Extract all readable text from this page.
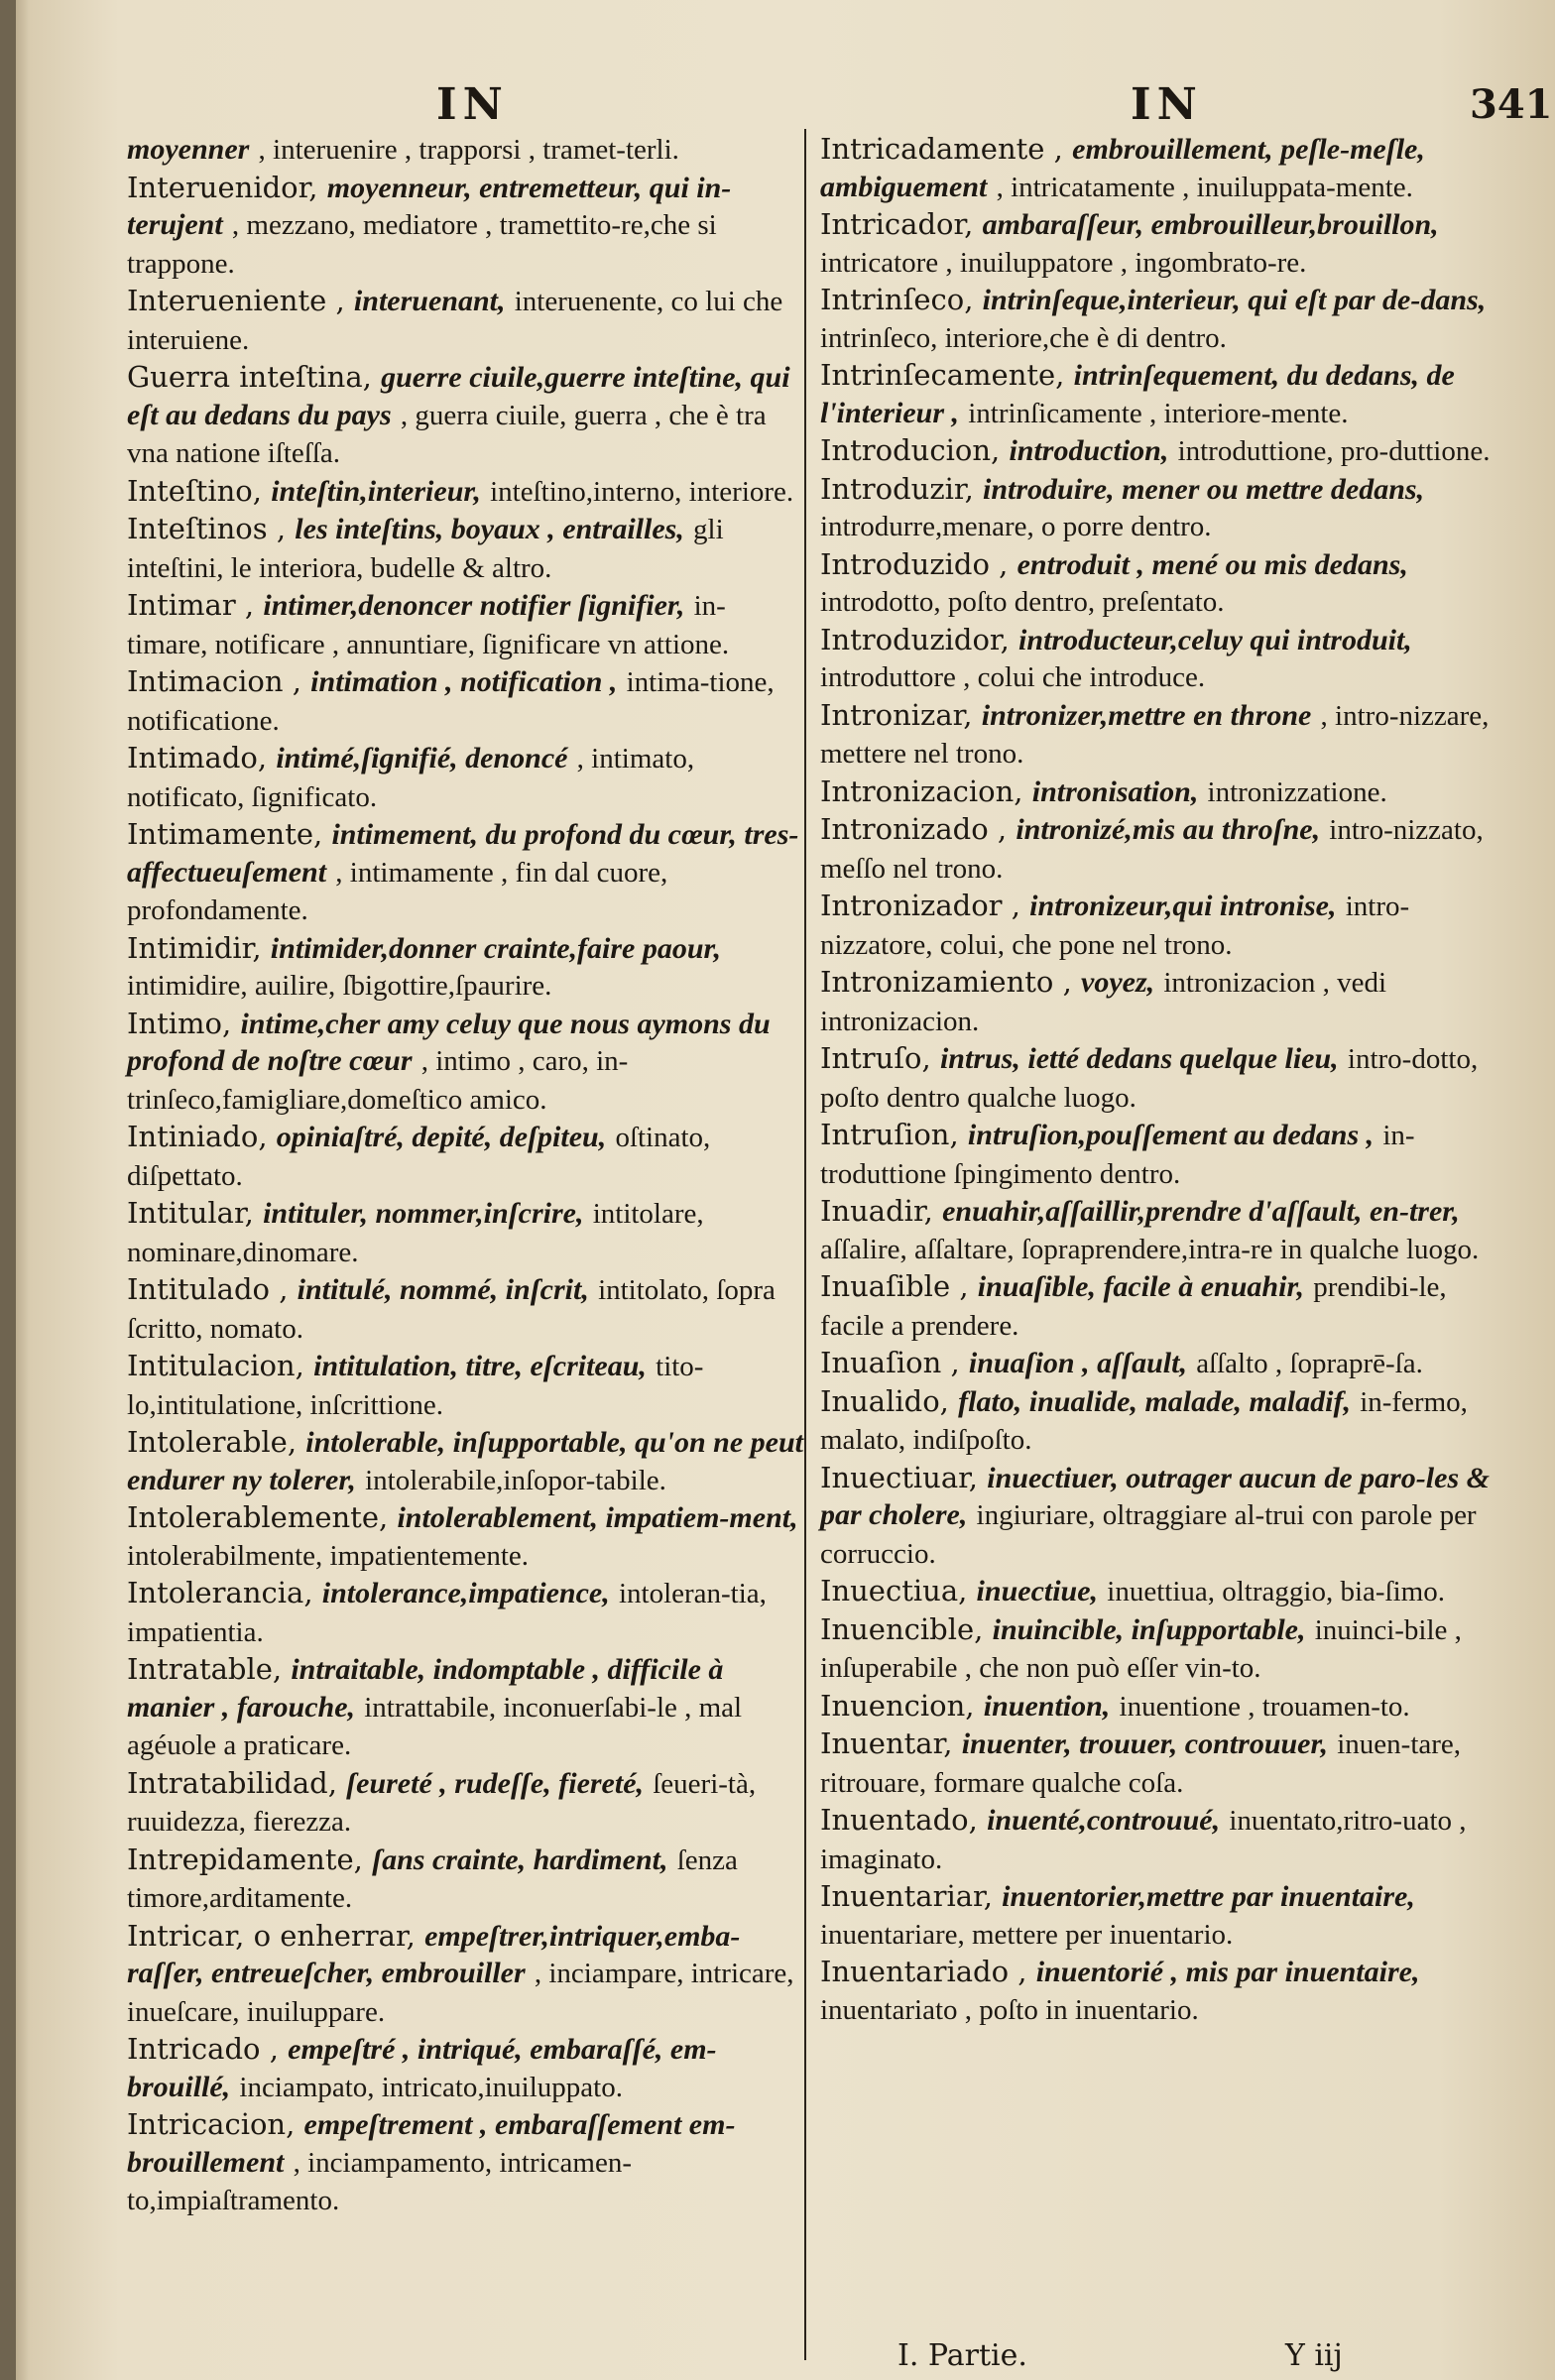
IN	IN	341

moyenner , interuenire , trapporsi , tramet-terli.

Interuenidor, moyenneur, entremetteur, qui in-terujent , mezzano, mediatore , tramettito-re,che si trappone.

Interueniente , interuenant, interuenente, co lui che interuiene.

Guerra inteſtina, guerre ciuile,guerre inteſtine, qui eſt au dedans du pays , guerra ciuile, guerra , che è tra vna natione iſteſſa.

Inteſtino, inteſtin,interieur, inteſtino,interno, interiore.

Inteſtinos , les inteſtins, boyaux , entrailles, gli inteſtini, le interiora, budelle & altro.

Intimar , intimer,denoncer notifier ſignifier, in-timare, notificare , annuntiare, ſignificare vn attione.

Intimacion , intimation , notification , intima-tione, notificatione.

Intimado, intimé,ſignifié, denoncé , intimato, notificato, ſignificato.

Intimamente, intimement, du profond du cœur, tres-affectueuſement , intimamente , fin dal cuore, profondamente.

Intimidir, intimider,donner crainte,faire paour, intimidire, auilire, ſbigottire,ſpaurire.

Intimo, intime,cher amy celuy que nous aymons du profond de noſtre cœur , intimo , caro, in-trinſeco,famigliare,domeſtico amico.

Intiniado, opiniaſtré, depité, deſpiteu, oſtinato, diſpettato.

Intitular, intituler, nommer,inſcrire, intitolare, nominare,dinomare.

Intitulado , intitulé, nommé, inſcrit, intitolato, ſopra ſcritto, nomato.

Intitulacion, intitulation, titre, eſcriteau, tito-lo,intitulatione, inſcrittione.

Intolerable, intolerable, inſupportable, qu'on ne peut endurer ny tolerer, intolerabile,inſopor-tabile.

Intolerablemente, intolerablement, impatiem-ment, intolerabilmente, impatientemente.

Intolerancia, intolerance,impatience, intoleran-tia, impatientia.

Intratable, intraitable, indomptable , difficile à manier , farouche, intrattabile, inconuerſabi-le , mal agéuole a praticare.

Intratabilidad, ſeureté , rudeſſe, fiereté, ſeueri-tà, ruuidezza, fierezza.

Intrepidamente, ſans crainte, hardiment, ſenza timore,arditamente.

Intricar, o enherrar, empeſtrer,intriquer,emba-raſſer, entreueſcher, embrouiller , inciampare, intricare, inueſcare, inuiluppare.

Intricado , empeſtré , intriqué, embaraſſé, em-brouillé, inciampato, intricato,inuiluppato.

Intricacion, empeſtrement , embaraſſement em-brouillement , inciampamento, intricamen-to,impiaſtramento.

Intricadamente , embrouillement, peſle-meſle, ambiguement , intricatamente , inuiluppata-mente.

Intricador, ambaraſſeur, embrouilleur,brouillon, intricatore , inuiluppatore , ingombrato-re.

Intrinſeco, intrinſeque,interieur, qui eſt par de-dans, intrinſeco, interiore,che è di dentro.

Intrinſecamente, intrinſequement, du dedans, de l'interieur , intrinſicamente , interiore-mente.

Introducion, introduction, introduttione, pro-duttione.

Introduzir, introduire, mener ou mettre dedans, introdurre,menare, o porre dentro.

Introduzido , entroduit , mené ou mis dedans, introdotto, poſto dentro, preſentato.

Introduzidor, introducteur,celuy qui introduit, introduttore , colui che introduce.

Intronizar, intronizer,mettre en throne , intro-nizzare, mettere nel trono.

Intronizacion, intronisation, intronizzatione.

Intronizado , intronizé,mis au throſne, intro-nizzato, meſſo nel trono.

Intronizador , intronizeur,qui intronise, intro-nizzatore, colui, che pone nel trono.

Intronizamiento , voyez, intronizacion , vedi intronizacion.

Intruſo, intrus, ietté dedans quelque lieu, intro-dotto, poſto dentro qualche luogo.

Intruſion, intruſion,pouſſement au dedans , in-troduttione ſpingimento dentro.

Inuadir, enuahir,aſſaillir,prendre d'aſſault, en-trer, aſſalire, aſſaltare, ſopraprendere,intra-re in qualche luogo.

Inuaſible , inuaſible, facile à enuahir, prendibi-le, facile a prendere.

Inuaſion , inuaſion , aſſault, aſſalto , ſopraprē-ſa.

Inualido, flato, inualide, malade, maladif, in-fermo, malato, indiſpoſto.

Inuectiuar, inuectiuer, outrager aucun de paro-les & par cholere, ingiuriare, oltraggiare al-trui con parole per corruccio.

Inuectiua, inuectiue, inuettiua, oltraggio, bia-ſimo.

Inuencible, inuincible, inſupportable, inuinci-bile , inſuperabile , che non può eſſer vin-to.

Inuencion, inuention, inuentione , trouamen-to.

Inuentar, inuenter, trouuer, controuuer, inuen-tare, ritrouare, formare qualche coſa.

Inuentado, inuenté,controuué, inuentato,ritro-uato , imaginato.

Inuentariar, inuentorier,mettre par inuentaire, inuentariare, mettere per inuentario.

Inuentariado , inuentorié , mis par inuentaire, inuentariato , poſto in inuentario.

I. Partie.	Y iij
